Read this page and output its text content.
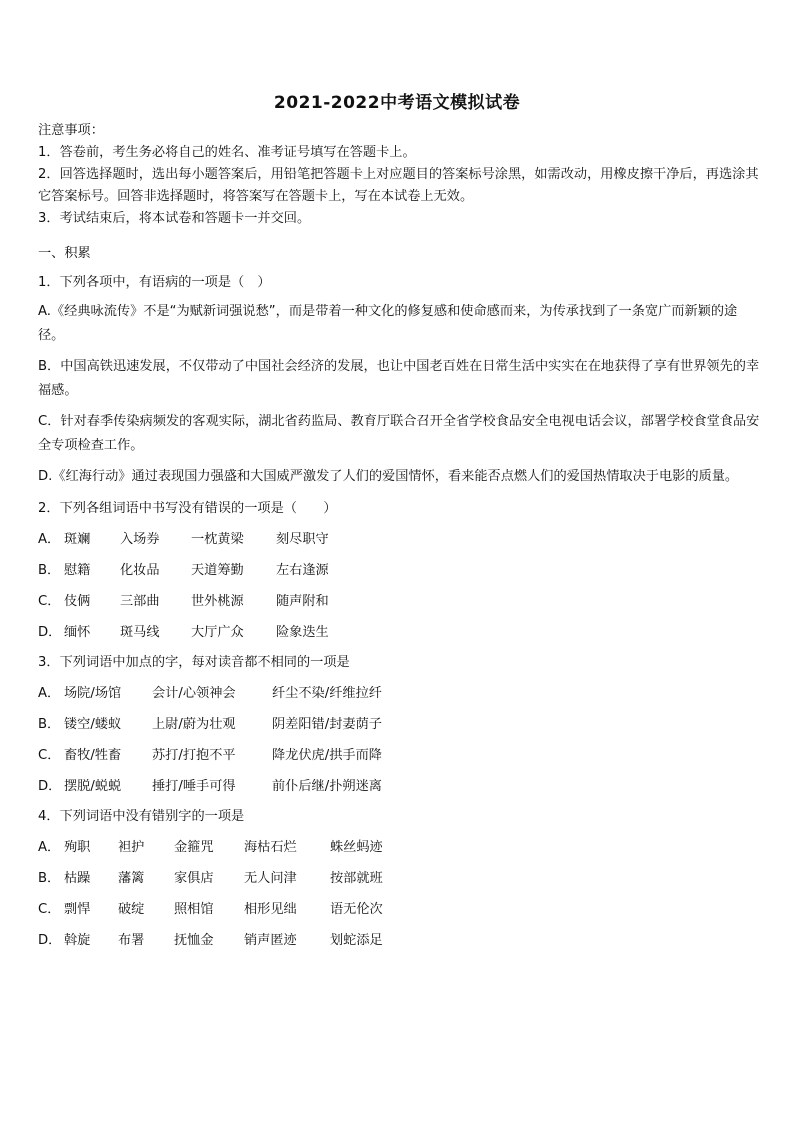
2021-2022中考语文模拟试卷

注意事项：

1．答卷前，考生务必将自己的姓名、准考证号填写在答题卡上。

2．回答选择题时，选出每小题答案后，用铅笔把答题卡上对应题目的答案标号涂黑，如需改动，用橡皮擦干净后，再选涂其它答案标号。回答非选择题时，将答案写在答题卡上，写在本试卷上无效。

3．考试结束后，将本试卷和答题卡一并交回。

一、积累

1．下列各项中，有语病的一项是（　）

A.《经典咏流传》不是“为赋新词强说愁”，而是带着一种文化的修复感和使命感而来，为传承找到了一条宽广而新颖的途径。

B．中国高铁迅速发展，不仅带动了中国社会经济的发展，也让中国老百姓在日常生活中实实在在地获得了享有世界领先的幸福感。

C．针对春季传染病频发的客观实际，湖北省药监局、教育厅联合召开全省学校食品安全电视电话会议，部署学校食堂食品安全专项检查工作。

D.《红海行动》通过表现国力强盛和大国威严激发了人们的爱国情怀，看来能否点燃人们的爱国热情取决于电影的质量。

2．下列各组词语中书写没有错误的一项是（　　）

A． 斑斓	入场券	一枕黄梁	刻尽职守
B． 慰籍	化妆品	天道筹勤	左右逢源
C． 伎俩	三部曲	世外桃源	随声附和
D． 缅怀	斑马线	大厅广众	险象迭生

3．下列词语中加点的字，每对读音都不相同的一项是

A． 场院/场馆	会计/心领神会	纤尘不染/纤维拉纤
B． 镂空/蝼蚁	上尉/蔚为壮观	阴差阳错/封妻荫子
C． 畜牧/牲畜	苏打/打抱不平	降龙伏虎/拱手而降
D． 摆脱/蜕蜕	捶打/唾手可得	前仆后继/扑朔迷离

4．下列词语中没有错别字的一项是

A． 殉职	袒护	金箍咒	海枯石烂	蛛丝蚂迹
B． 枯躁	藩篱	家俱店	无人问津	按部就班
C． 剽悍	破绽	照相馆	相形见绌	语无伦次
D． 斡旋	布署	抚恤金	销声匿迹	划蛇添足
